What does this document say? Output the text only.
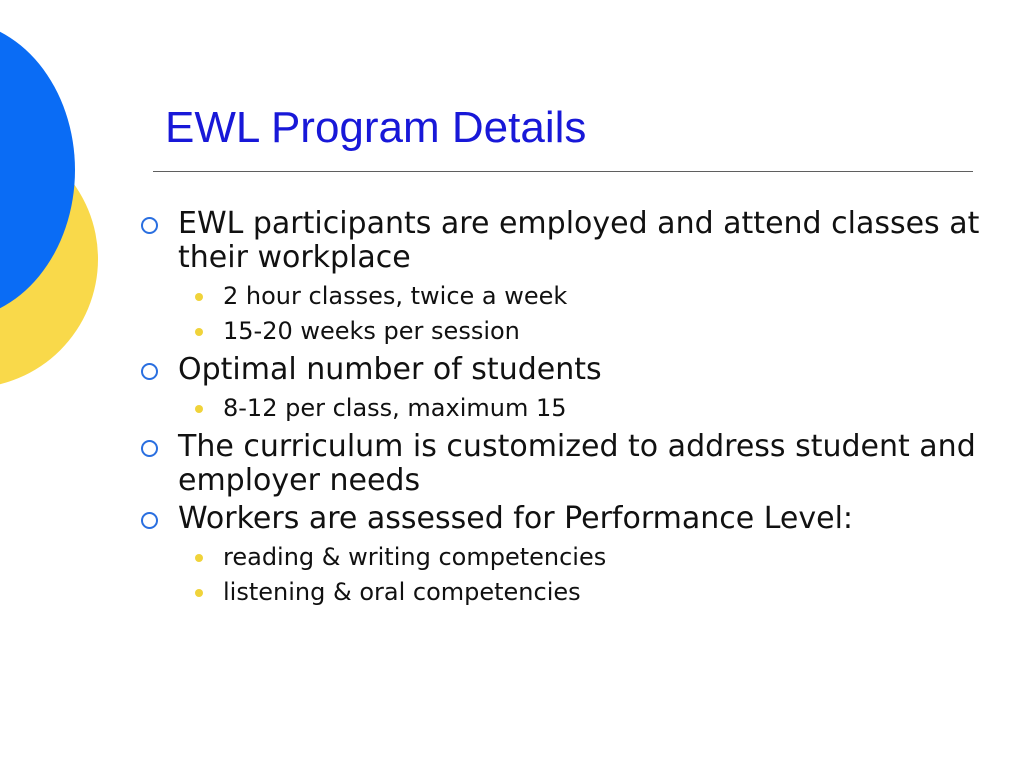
EWL Program Details
EWL participants are employed and attend classes at their workplace
2 hour classes, twice a week
15-20 weeks per session
Optimal number of students
8-12 per class, maximum 15
The curriculum is customized to address student and employer needs
Workers are assessed for Performance Level:
reading & writing competencies
listening & oral competencies
